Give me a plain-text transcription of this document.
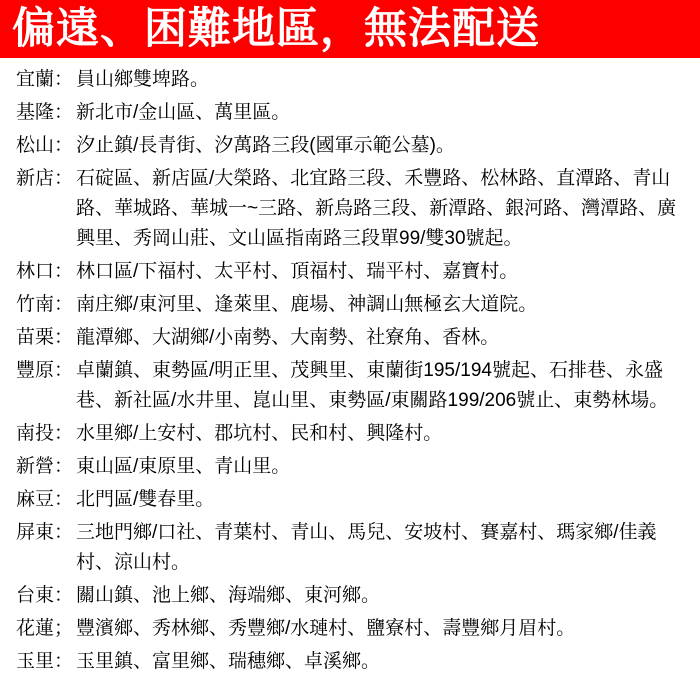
偏遠、困難地區，無法配送
宜蘭： 員山鄉雙埤路。
基隆： 新北市/金山區、萬里區。
松山： 汐止鎮/長青街、汐萬路三段(國軍示範公墓)。
新店： 石碇區、新店區/大榮路、北宜路三段、禾豐路、松林路、直潭路、青山路、華城路、華城一~三路、新烏路三段、新潭路、銀河路、灣潭路、廣興里、秀岡山莊、文山區指南路三段單99/雙30號起。
林口： 林口區/下福村、太平村、頂福村、瑞平村、嘉寶村。
竹南： 南庄鄉/東河里、逢萊里、鹿場、神調山無極玄大道院。
苗栗： 龍潭鄉、大湖鄉/小南勢、大南勢、社寮角、香林。
豐原： 卓蘭鎮、東勢區/明正里、茂興里、東蘭街195/194號起、石排巷、永盛巷、新社區/水井里、崑山里、東勢區/東關路199/206號止、東勢林場。
南投： 水里鄉/上安村、郡坑村、民和村、興隆村。
新營： 東山區/東原里、青山里。
麻豆： 北門區/雙春里。
屏東： 三地門鄉/口社、青葉村、青山、馬兒、安坡村、賽嘉村、瑪家鄉/佳義村、涼山村。
台東： 關山鎮、池上鄉、海端鄉、東河鄉。
花蓮； 豐濱鄉、秀林鄉、秀豐鄉/水璉村、鹽寮村、壽豐鄉月眉村。
玉里： 玉里鎮、富里鄉、瑞穗鄉、卓溪鄉。
